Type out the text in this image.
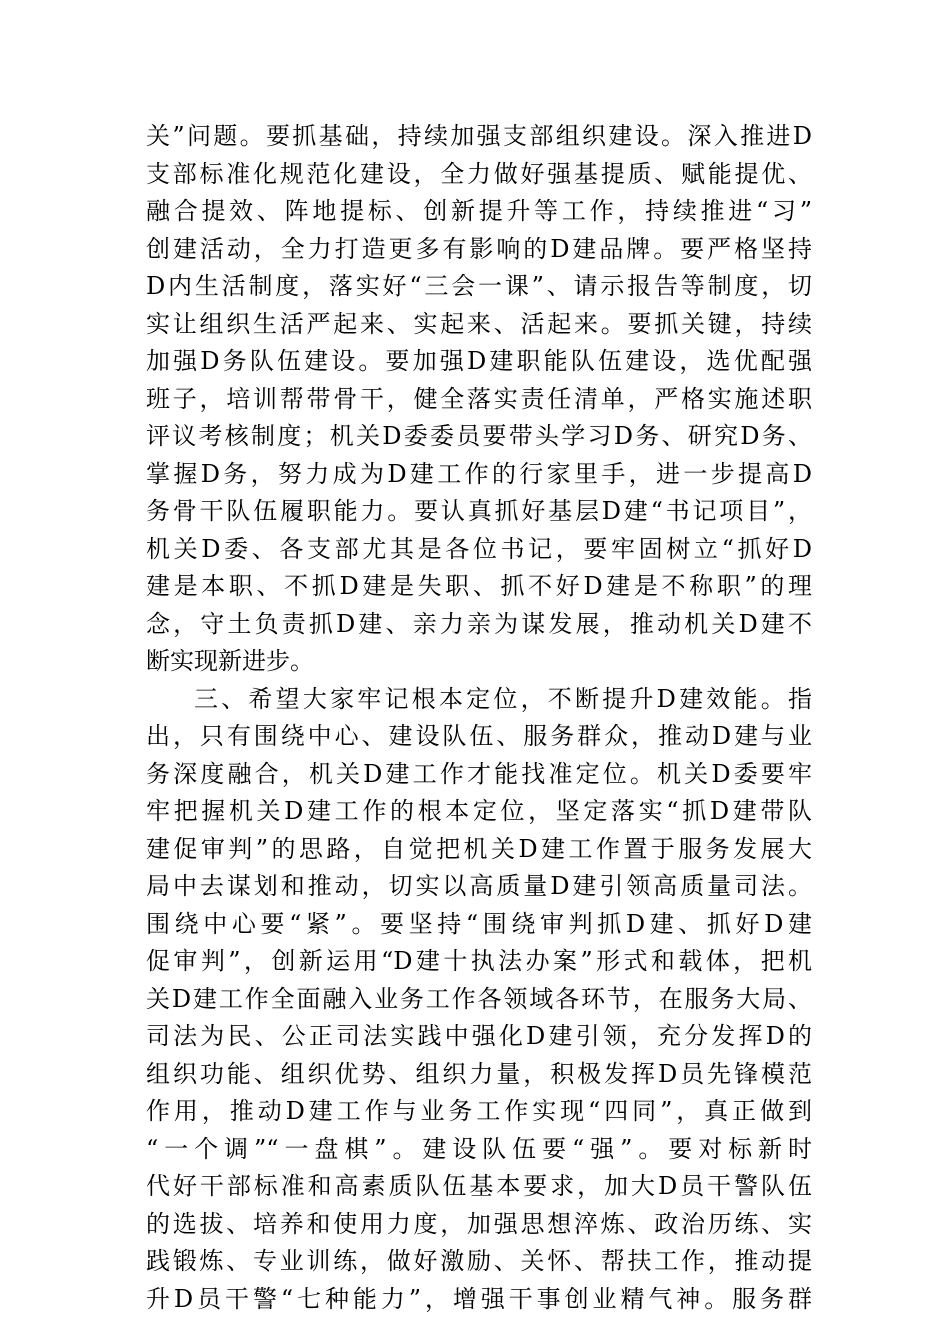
关”问题。要抓基础，持续加强支部组织建设。深入推进D
支部标准化规范化建设，全力做好强基提质、赋能提优、
融合提效、阵地提标、创新提升等工作，持续推进“习”
创建活动，全力打造更多有影响的D建品牌。要严格坚持
D内生活制度，落实好“三会一课”、请示报告等制度，切
实让组织生活严起来、实起来、活起来。要抓关键，持续
加强D务队伍建设。要加强D建职能队伍建设，选优配强
班子，培训帮带骨干，健全落实责任清单，严格实施述职
评议考核制度；机关D委委员要带头学习D务、研究D务、
掌握D务，努力成为D建工作的行家里手，进一步提高D
务骨干队伍履职能力。要认真抓好基层D建“书记项目”，
机关D委、各支部尤其是各位书记，要牢固树立“抓好D
建是本职、不抓D建是失职、抓不好D建是不称职”的理
念，守土负责抓D建、亲力亲为谋发展，推动机关D建不
断实现新进步。
三、希望大家牢记根本定位，不断提升D建效能。指
出，只有围绕中心、建设队伍、服务群众，推动D建与业
务深度融合，机关D建工作才能找准定位。机关D委要牢
牢把握机关D建工作的根本定位，坚定落实“抓D建带队
建促审判”的思路，自觉把机关D建工作置于服务发展大
局中去谋划和推动，切实以高质量D建引领高质量司法。
围绕中心要“紧”。要坚持“围绕审判抓D建、抓好D建
促审判”，创新运用“D建十执法办案”形式和载体，把机
关D建工作全面融入业务工作各领域各环节，在服务大局、
司法为民、公正司法实践中强化D建引领，充分发挥D的
组织功能、组织优势、组织力量，积极发挥D员先锋模范
作用，推动D建工作与业务工作实现“四同”，真正做到
“一个调”“一盘棋”。建设队伍要“强”。要对标新时
代好干部标准和高素质队伍基本要求，加大D员干警队伍
的选拔、培养和使用力度，加强思想淬炼、政治历练、实
践锻炼、专业训练，做好激励、关怀、帮扶工作，推动提
升D员干警“七种能力”，增强干事创业精气神。服务群
